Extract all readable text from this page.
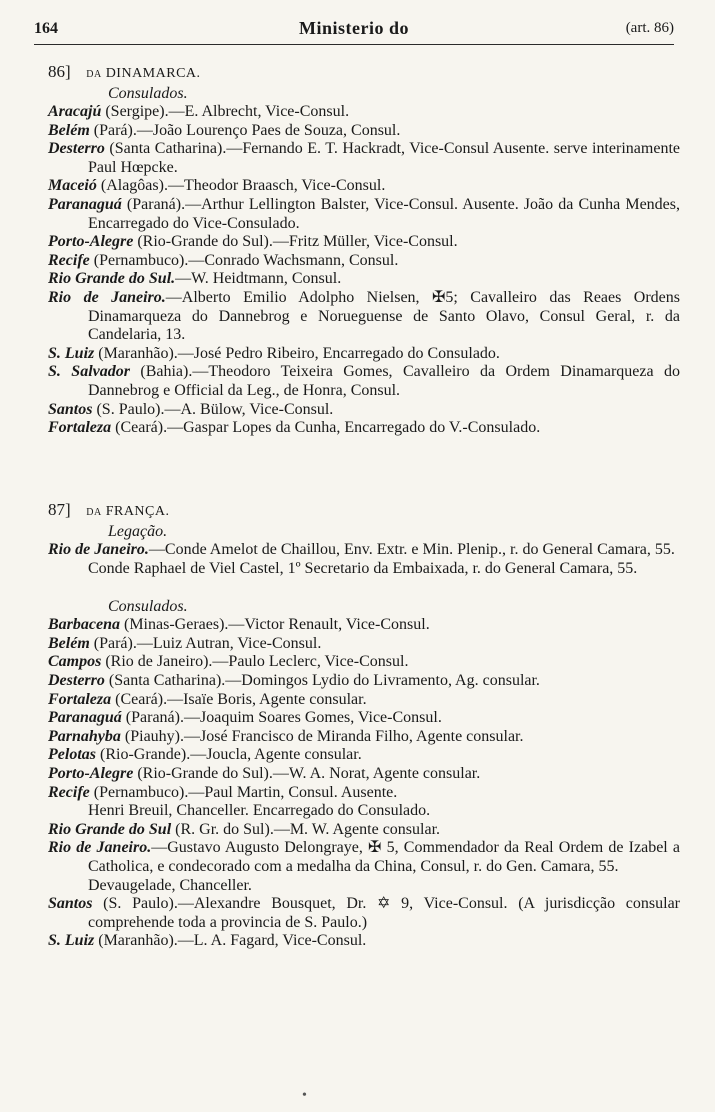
164	Ministerio do	(art. 86)
86] da DINAMARCA.
Consulados.
Aracajú (Sergipe).—E. Albrecht, Vice-Consul.
Belém (Pará).—João Lourenço Paes de Souza, Consul.
Desterro (Santa Catharina).—Fernando E. T. Hackradt, Vice-Consul Ausente. serve interinamente Paul Hœpcke.
Maceió (Alagôas).—Theodor Braasch, Vice-Consul.
Paranaguá (Paraná).—Arthur Lellington Balster, Vice-Consul. Ausente. João da Cunha Mendes, Encarregado do Vice-Consulado.
Porto-Alegre (Rio-Grande do Sul).—Fritz Müller, Vice-Consul.
Recife (Pernambuco).—Conrado Wachsmann, Consul.
Rio Grande do Sul.—W. Heidtmann, Consul.
Rio de Janeiro.—Alberto Emilio Adolpho Nielsen, ✠5; Cavalleiro das Reaes Ordens Dinamarqueza do Dannebrog e Norueguense de Santo Olavo, Consul Geral, r. da Candelaria, 13.
S. Luiz (Maranhão).—José Pedro Ribeiro, Encarregado do Consulado.
S. Salvador (Bahia).—Theodoro Teixeira Gomes, Cavalleiro da Ordem Dinamarqueza do Dannebrog e Official da Leg., de Honra, Consul.
Santos (S. Paulo).—A. Bülow, Vice-Consul.
Fortaleza (Ceará).—Gaspar Lopes da Cunha, Encarregado do V.-Consulado.
87] da FRANÇA.
Legação.
Rio de Janeiro.—Conde Amelot de Chaillou, Env. Extr. e Min. Plenip., r. do General Camara, 55.
Conde Raphael de Viel Castel, 1º Secretario da Embaixada, r. do General Camara, 55.
Consulados.
Barbacena (Minas-Geraes).—Victor Renault, Vice-Consul.
Belém (Pará).—Luiz Autran, Vice-Consul.
Campos (Rio de Janeiro).—Paulo Leclerc, Vice-Consul.
Desterro (Santa Catharina).—Domingos Lydio do Livramento, Ag. consular.
Fortaleza (Ceará).—Isaïe Boris, Agente consular.
Paranaguá (Paraná).—Joaquim Soares Gomes, Vice-Consul.
Parnahyba (Piauhy).—José Francisco de Miranda Filho, Agente consular.
Pelotas (Rio-Grande).—Joucla, Agente consular.
Porto-Alegre (Rio-Grande do Sul).—W. A. Norat, Agente consular.
Recife (Pernambuco).—Paul Martin, Consul. Ausente.
Henri Breuil, Chanceller. Encarregado do Consulado.
Rio Grande do Sul (R. Gr. do Sul).—M. W. Agente consular.
Rio de Janeiro.—Gustavo Augusto Delongraye, ✠ 5, Commendador da Real Ordem de Izabel a Catholica, e condecorado com a medalha da China, Consul, r. do Gen. Camara, 55.
Devaugelade, Chanceller.
Santos (S. Paulo).—Alexandre Bousquet, Dr. ✡ 9, Vice-Consul. (A jurisdicção consular comprehende toda a provincia de S. Paulo.)
S. Luiz (Maranhão).—L. A. Fagard, Vice-Consul.
•
